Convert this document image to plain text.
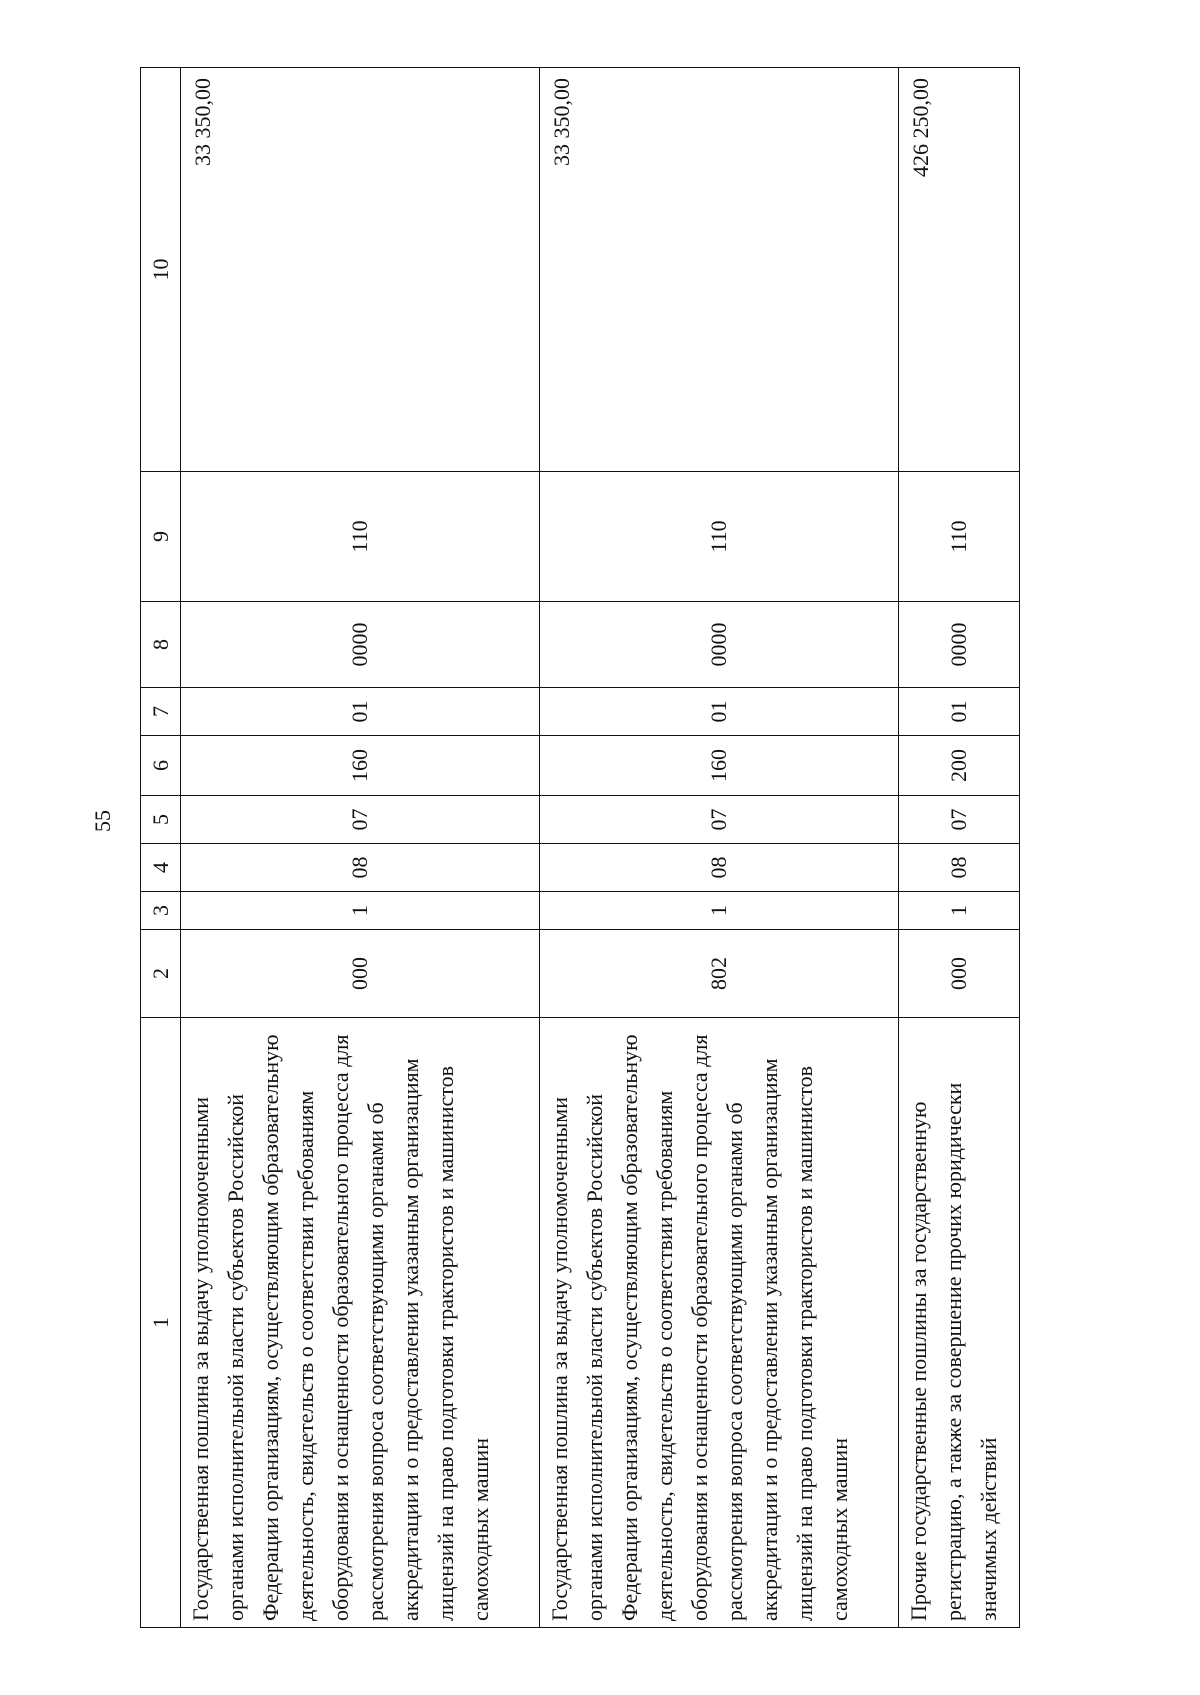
55
1	2	3	4	5	6	7	8	9	10
Государственная пошлина за выдачу уполномоченными органами исполнительной власти субъектов Российской Федерации организациям, осуществляющим образовательную деятельность, свидетельств о соответствии требованиям оборудования и оснащенности образовательного процесса для рассмотрения вопроса соответствующими органами об аккредитации и о предоставлении указанным организациям лицензий на право подготовки трактористов и машинистов самоходных машин	000	1	08	07	160	01	0000	110	33 350,00
Государственная пошлина за выдачу уполномоченными органами исполнительной власти субъектов Российской Федерации организациям, осуществляющим образовательную деятельность, свидетельств о соответствии требованиям оборудования и оснащенности образовательного процесса для рассмотрения вопроса соответствующими органами об аккредитации и о предоставлении указанным организациям лицензий на право подготовки трактористов и машинистов самоходных машин	802	1	08	07	160	01	0000	110	33 350,00
Прочие государственные пошлины за государственную регистрацию, а также за совершение прочих юридически значимых действий	000	1	08	07	200	01	0000	110	426 250,00
